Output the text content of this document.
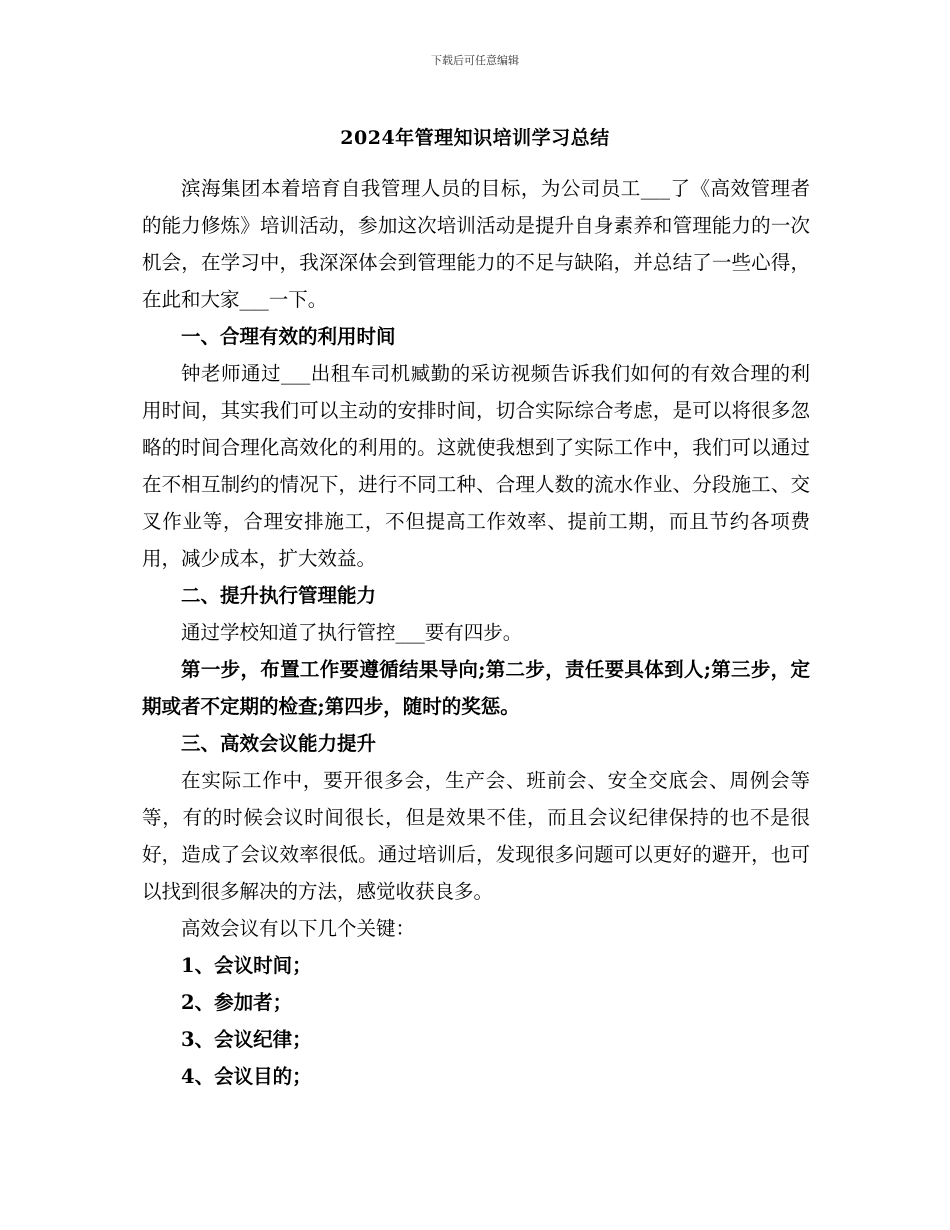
下载后可任意编辑
2024年管理知识培训学习总结

滨海集团本着培育自我管理人员的目标，为公司员工___了《高效管理者的能力修炼》培训活动，参加这次培训活动是提升自身素养和管理能力的一次机会，在学习中，我深深体会到管理能力的不足与缺陷，并总结了一些心得，在此和大家___一下。

一、合理有效的利用时间

钟老师通过___出租车司机臧勤的采访视频告诉我们如何的有效合理的利用时间，其实我们可以主动的安排时间，切合实际综合考虑，是可以将很多忽略的时间合理化高效化的利用的。这就使我想到了实际工作中，我们可以通过在不相互制约的情况下，进行不同工种、合理人数的流水作业、分段施工、交叉作业等，合理安排施工，不但提高工作效率、提前工期，而且节约各项费用，减少成本，扩大效益。

二、提升执行管理能力

通过学校知道了执行管控___要有四步。

第一步，布置工作要遵循结果导向;第二步，责任要具体到人;第三步，定期或者不定期的检查;第四步，随时的奖惩。

三、高效会议能力提升

在实际工作中，要开很多会，生产会、班前会、安全交底会、周例会等等，有的时候会议时间很长，但是效果不佳，而且会议纪律保持的也不是很好，造成了会议效率很低。通过培训后，发现很多问题可以更好的避开，也可以找到很多解决的方法，感觉收获良多。

高效会议有以下几个关键：

1、会议时间；

2、参加者；

3、会议纪律；

4、会议目的；
